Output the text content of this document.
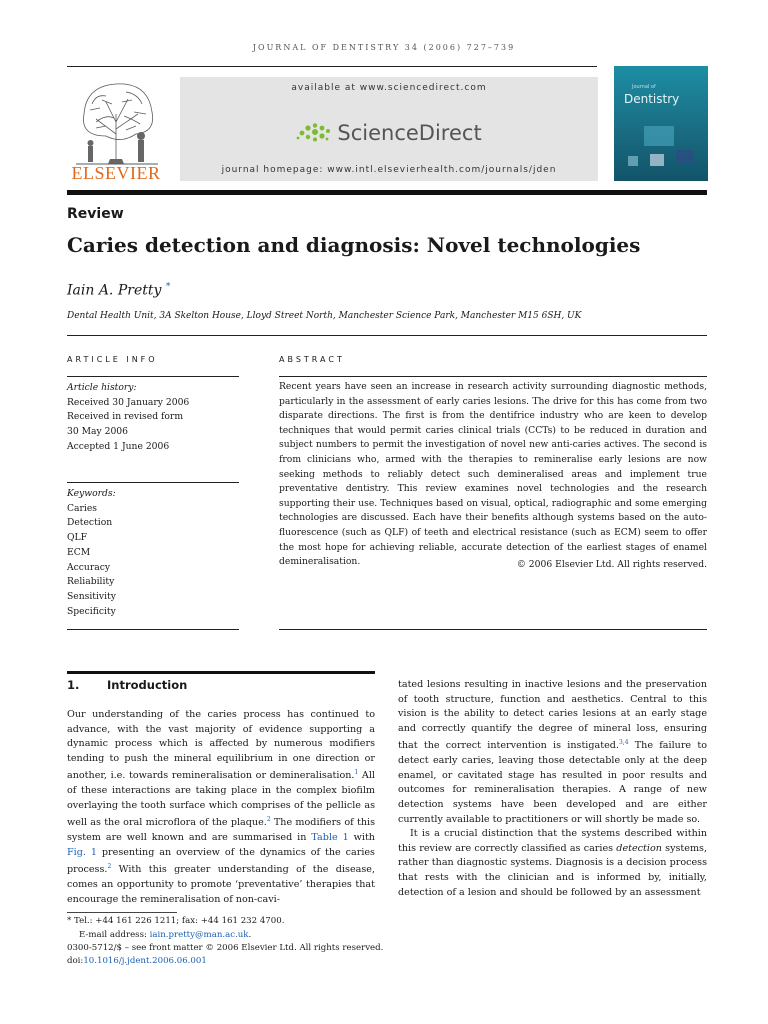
JOURNAL OF DENTISTRY 34 (2006) 727–739
ELSEVIER
available at www.sciencedirect.com
ScienceDirect
journal homepage: www.intl.elsevierhealth.com/journals/jden
Journal of
Dentistry
Review
Caries detection and diagnosis: Novel technologies
Iain A. Pretty *
Dental Health Unit, 3A Skelton House, Lloyd Street North, Manchester Science Park, Manchester M15 6SH, UK
ARTICLE INFO
Article history:
Received 30 January 2006
Received in revised form
30 May 2006
Accepted 1 June 2006
Keywords:
Caries
Detection
QLF
ECM
Accuracy
Reliability
Sensitivity
Specificity
ABSTRACT
Recent years have seen an increase in research activity surrounding diagnostic methods, particularly in the assessment of early caries lesions. The drive for this has come from two disparate directions. The first is from the dentifrice industry who are keen to develop techniques that would permit caries clinical trials (CCTs) to be reduced in duration and subject numbers to permit the investigation of novel new anti-caries actives. The second is from clinicians who, armed with the therapies to remineralise early lesions are now seeking methods to reliably detect such demineralised areas and implement true preventative dentistry. This review examines novel technologies and the research supporting their use. Techniques based on visual, optical, radiographic and some emerging technologies are discussed. Each have their benefits although systems based on the auto-fluorescence (such as QLF) of teeth and electrical resistance (such as ECM) seem to offer the most hope for achieving reliable, accurate detection of the earliest stages of enamel demineralisation.	© 2006 Elsevier Ltd. All rights reserved.
1. Introduction

Our understanding of the caries process has continued to advance, with the vast majority of evidence supporting a dynamic process which is affected by numerous modifiers tending to push the mineral equilibrium in one direction or another, i.e. towards remineralisation or demineralisation.$^1$ All of these interactions are taking place in the complex biofilm overlaying the tooth surface which comprises of the pellicle as well as the oral microflora of the plaque.$^2$ The modifiers of this system are well known and are summarised in Table 1 with Fig. 1 presenting an overview of the dynamics of the caries process.$^2$ With this greater understanding of the disease, comes an opportunity to promote ‘preventative’ therapies that encourage the remineralisation of non-cavi-

tated lesions resulting in inactive lesions and the preservation of tooth structure, function and aesthetics. Central to this vision is the ability to detect caries lesions at an early stage and correctly quantify the degree of mineral loss, ensuring that the correct intervention is instigated.$^{3,4}$ The failure to detect early caries, leaving those detectable only at the deep enamel, or cavitated stage has resulted in poor results and outcomes for remineralisation therapies. A range of new detection systems have been developed and are either currently available to practitioners or will shortly be made so.

It is a crucial distinction that the systems described within this review are correctly classified as caries detection systems, rather than diagnostic systems. Diagnosis is a decision process that rests with the clinician and is informed by, initially, detection of a lesion and should be followed by an assessment

* Tel.: +44 161 226 1211; fax: +44 161 232 4700.
E-mail address: iain.pretty@man.ac.uk.
0300-5712/$ – see front matter © 2006 Elsevier Ltd. All rights reserved.
doi:10.1016/j.jdent.2006.06.001
